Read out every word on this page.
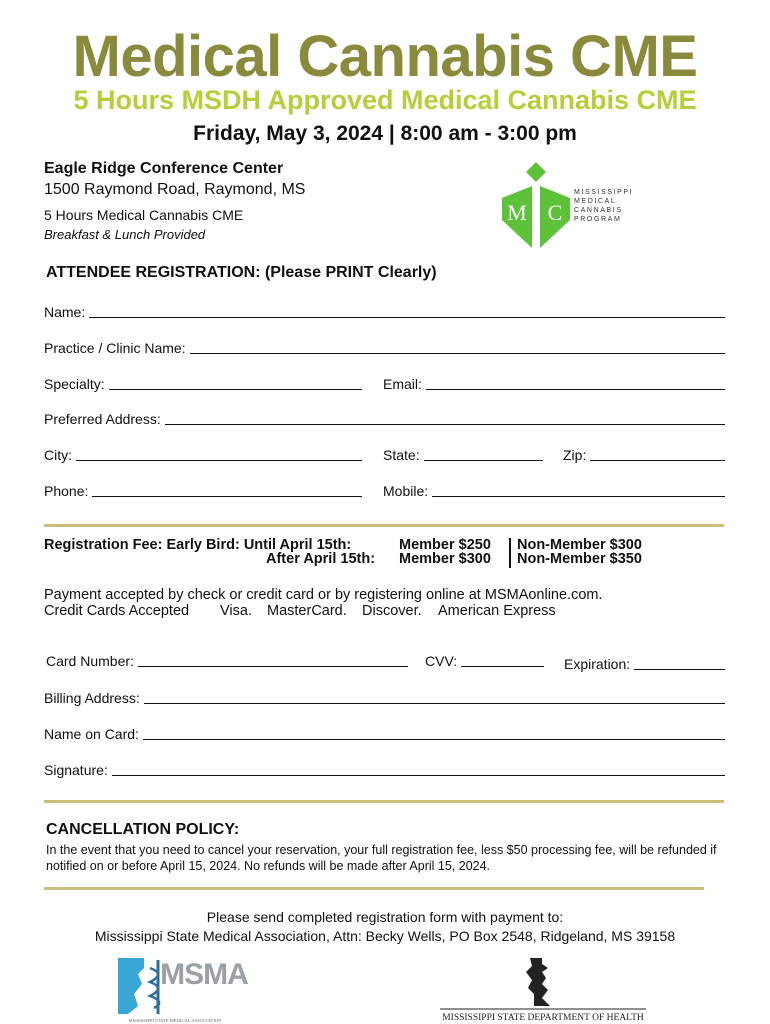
Medical Cannabis CME
5 Hours MSDH Approved Medical Cannabis CME
Friday, May 3, 2024 | 8:00 am - 3:00 pm
Eagle Ridge Conference Center
1500 Raymond Road, Raymond, MS
5 Hours Medical Cannabis CME
Breakfast & Lunch Provided
M C
MISSISSIPPI
MEDICAL
CANNABIS
PROGRAM
ATTENDEE REGISTRATION: (Please PRINT Clearly)
Name:
Practice / Clinic Name:
Specialty:	Email:
Preferred Address:
City:	State:	Zip:
Phone:	Mobile:
Registration Fee: Early Bird: Until April 15th:	Member $250 Non-Member $300
After April 15th: Member $300 Non-Member $350
Payment accepted by check or credit card or by registering online at MSMAonline.com.
Credit Cards Accepted Visa. MasterCard. Discover. American Express
Card Number:	CVV:	Expiration:
Billing Address:
Name on Card:
Signature:
CANCELLATION POLICY:
In the event that you need to cancel your reservation, your full registration fee, less $50 processing fee, will be refunded if notified on or before April 15, 2024. No refunds will be made after April 15, 2024.
Please send completed registration form with payment to:
Mississippi State Medical Association, Attn: Becky Wells, PO Box 2548, Ridgeland, MS 39158
MSMA
MISSISSIPPI STATE MEDICAL ASSOCIATION	MISSISSIPPI STATE DEPARTMENT OF HEALTH
